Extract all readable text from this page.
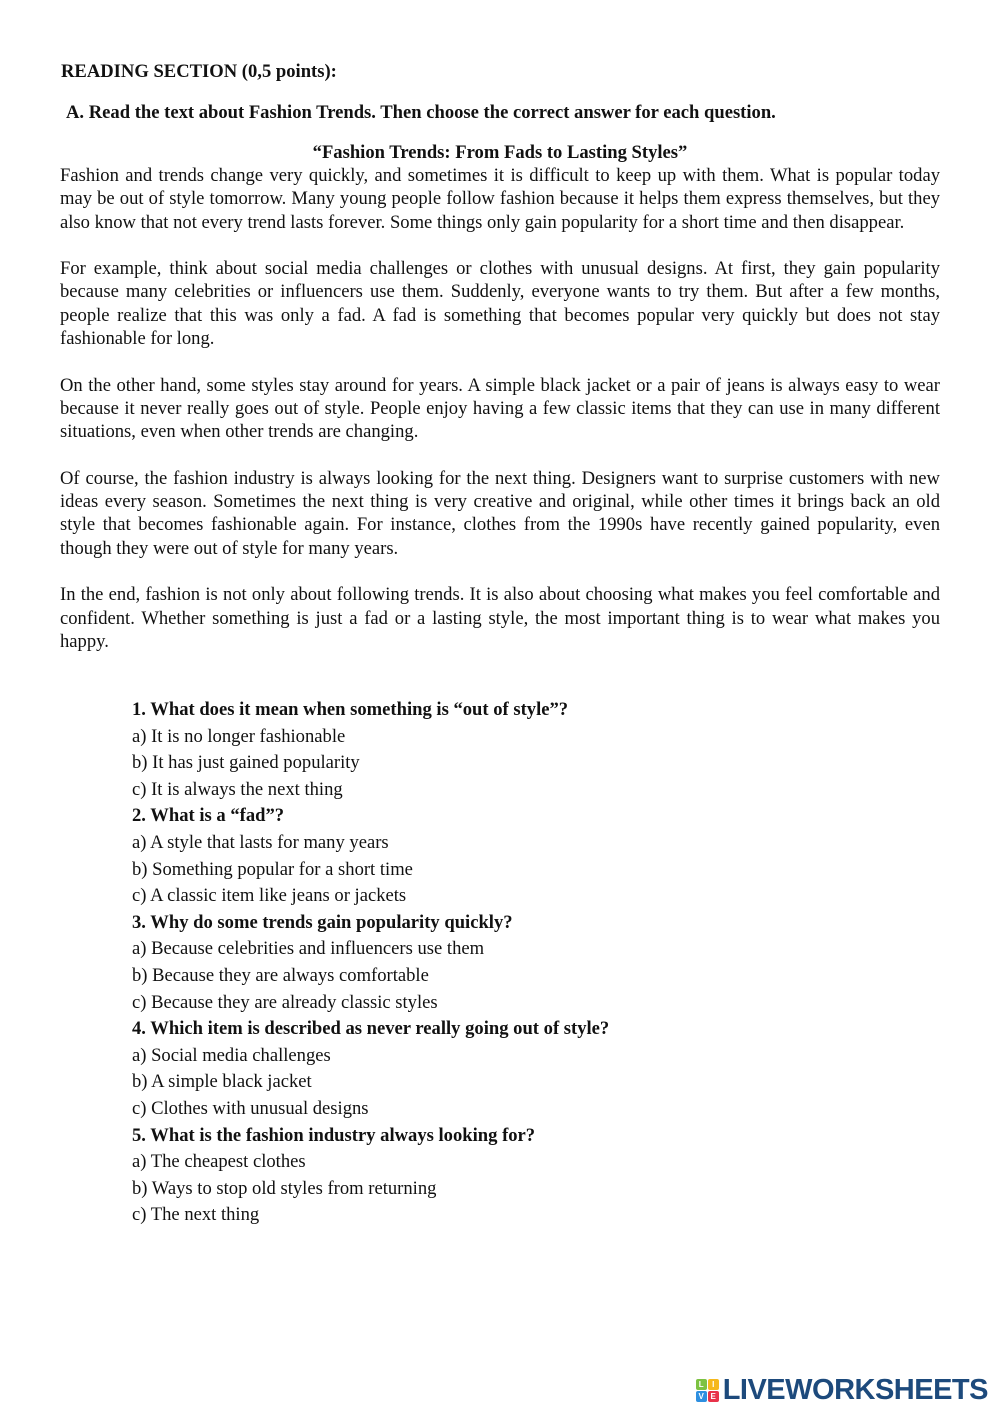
READING SECTION (0,5 points):
A. Read the text about Fashion Trends. Then choose the correct answer for each question.
“Fashion Trends: From Fads to Lasting Styles”

Fashion and trends change very quickly, and sometimes it is difficult to keep up with them. What is popular today may be out of style tomorrow. Many young people follow fashion because it helps them express themselves, but they also know that not every trend lasts forever. Some things only gain popularity for a short time and then disappear.

For example, think about social media challenges or clothes with unusual designs. At first, they gain popularity because many celebrities or influencers use them. Suddenly, everyone wants to try them. But after a few months, people realize that this was only a fad. A fad is something that becomes popular very quickly but does not stay fashionable for long.

On the other hand, some styles stay around for years. A simple black jacket or a pair of jeans is always easy to wear because it never really goes out of style. People enjoy having a few classic items that they can use in many different situations, even when other trends are changing.

Of course, the fashion industry is always looking for the next thing. Designers want to surprise customers with new ideas every season. Sometimes the next thing is very creative and original, while other times it brings back an old style that becomes fashionable again. For instance, clothes from the 1990s have recently gained popularity, even though they were out of style for many years.

In the end, fashion is not only about following trends. It is also about choosing what makes you feel comfortable and confident. Whether something is just a fad or a lasting style, the most important thing is to wear what makes you happy.

1. What does it mean when something is “out of style”?
a) It is no longer fashionable
b) It has just gained popularity
c) It is always the next thing
2. What is a “fad”?
a) A style that lasts for many years
b) Something popular for a short time
c) A classic item like jeans or jackets
3. Why do some trends gain popularity quickly?
a) Because celebrities and influencers use them
b) Because they are always comfortable
c) Because they are already classic styles
4. Which item is described as never really going out of style?
a) Social media challenges
b) A simple black jacket
c) Clothes with unusual designs
5. What is the fashion industry always looking for?
a) The cheapest clothes
b) Ways to stop old styles from returning
c) The next thing
L	I
V E LIVEWORKSHEETS
